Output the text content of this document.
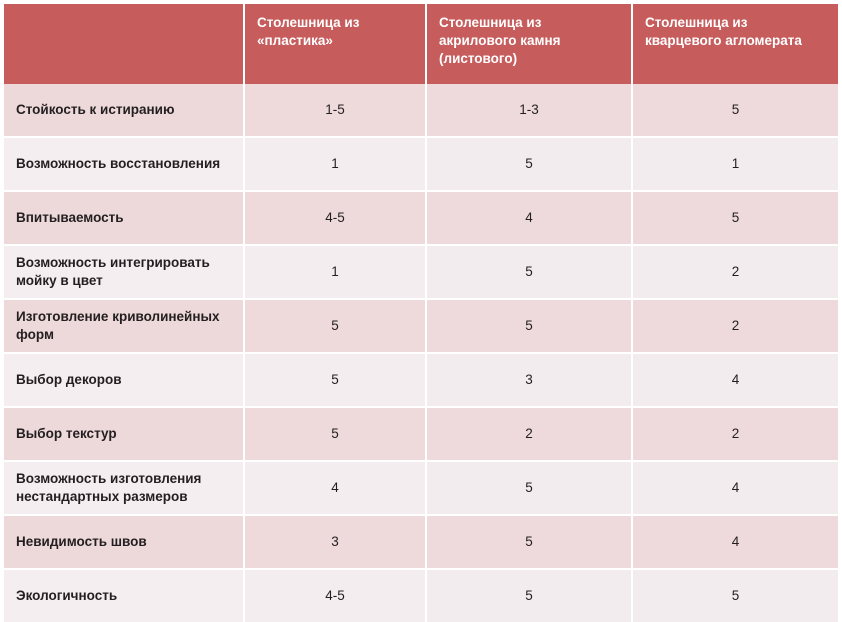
	Столешница из «пластика»	Столешница из акрилового камня (листового)	Столешница из кварцевого агломерата
Стойкость к истиранию	1-5	1-3	5
Возможность восстановления	1	5	1
Впитываемость	4-5	4	5
Возможность интегрировать мойку в цвет	1	5	2
Изготовление криволинейных форм	5	5	2
Выбор декоров	5	3	4
Выбор текстур	5	2	2
Возможность изготовления нестандартных размеров	4	5	4
Невидимость швов	3	5	4
Экологичность	4-5	5	5
